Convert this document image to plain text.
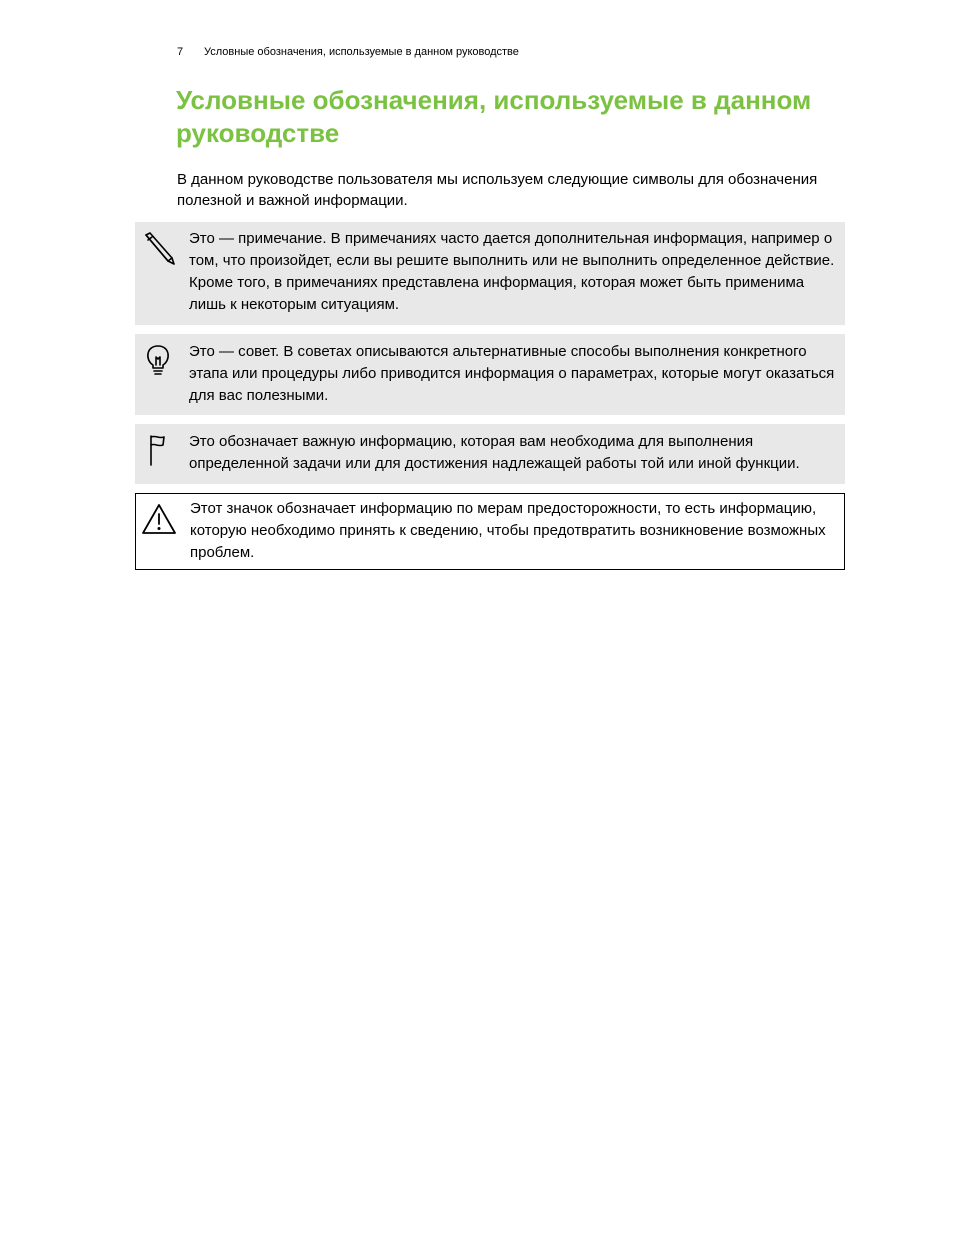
7 Условные обозначения, используемые в данном руководстве
Условные обозначения, используемые в данном руководстве

В данном руководстве пользователя мы используем следующие символы для обозначения полезной и важной информации.

Это — примечание. В примечаниях часто дается дополнительная информация, например о том, что произойдет, если вы решите выполнить или не выполнить определенное действие. Кроме того, в примечаниях представлена информация, которая может быть применима лишь к некоторым ситуациям.

Это — совет. В советах описываются альтернативные способы выполнения конкретного этапа или процедуры либо приводится информация о параметрах, которые могут оказаться для вас полезными.

Это обозначает важную информацию, которая вам необходима для выполнения определенной задачи или для достижения надлежащей работы той или иной функции.

Этот значок обозначает информацию по мерам предосторожности, то есть информацию, которую необходимо принять к сведению, чтобы предотвратить возникновение возможных проблем.
